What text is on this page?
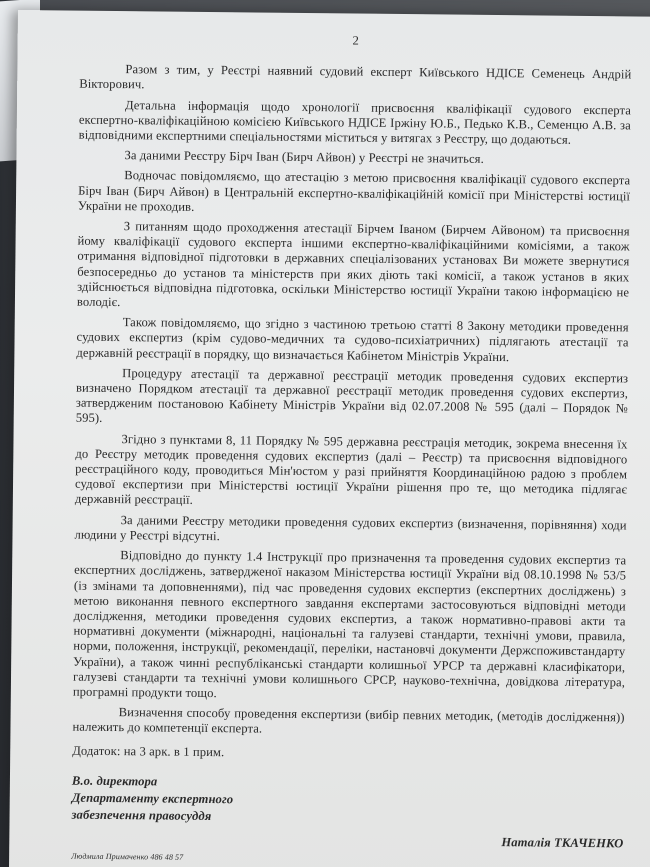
2

Разом з тим, у Реєстрі наявний судовий експерт Київського НДІСЕ Семенець Андрій Вікторович.

Детальна інформація щодо хронології присвоєння кваліфікації судового експерта експертно-кваліфікаційною комісією Київського НДІСЕ Іржіну Ю.Б., Педько К.В., Семенцю А.В. за відповідними експертними спеціальностями міститься у витягах з Реєстру, що додаються.

За даними Реєстру Бірч Іван (Бирч Айвон) у Реєстрі не значиться.

Водночас повідомляємо, що атестацію з метою присвоєння кваліфікації судового експерта Бірч Іван (Бирч Айвон) в Центральній експертно-кваліфікаційній комісії при Міністерстві юстиції України не проходив.

З питанням щодо проходження атестації Бірчем Іваном (Бирчем Айвоном) та присвоєння йому кваліфікації судового експерта іншими експертно-кваліфікаційними комісіями, а також отримання відповідної підготовки в державних спеціалізованих установах Ви можете звернутися безпосередньо до установ та міністерств при яких діють такі комісії, а також установ в яких здійснюється відповідна підготовка, оскільки Міністерство юстиції України такою інформацією не володіє.

Також повідомляємо, що згідно з частиною третьою статті 8 Закону методики проведення судових експертиз (крім судово-медичних та судово-психіатричних) підлягають атестації та державній реєстрації в порядку, що визначається Кабінетом Міністрів України.

Процедуру атестації та державної реєстрації методик проведення судових експертиз визначено Порядком атестації та державної реєстрації методик проведення судових експертиз, затвердженим постановою Кабінету Міністрів України від 02.07.2008 № 595 (далі – Порядок № 595).

Згідно з пунктами 8, 11 Порядку № 595 державна реєстрація методик, зокрема внесення їх до Реєстру методик проведення судових експертиз (далі – Реєстр) та присвоєння відповідного реєстраційного коду, проводиться Мін'юстом у разі прийняття Координаційною радою з проблем судової експертизи при Міністерстві юстиції України рішення про те, що методика підлягає державній реєстрації.

За даними Реєстру методики проведення судових експертиз (визначення, порівняння) ходи людини у Реєстрі відсутні.

Відповідно до пункту 1.4 Інструкції про призначення та проведення судових експертиз та експертних досліджень, затвердженої наказом Міністерства юстиції України від 08.10.1998 № 53/5 (із змінами та доповненнями), під час проведення судових експертиз (експертних досліджень) з метою виконання певного експертного завдання експертами застосовуються відповідні методи дослідження, методики проведення судових експертиз, а також нормативно-правові акти та нормативні документи (міжнародні, національні та галузеві стандарти, технічні умови, правила, норми, положення, інструкції, рекомендації, переліки, настановчі документи Держспоживстандарту України), а також чинні республіканські стандарти колишньої УРСР та державні класифікатори, галузеві стандарти та технічні умови колишнього СРСР, науково-технічна, довідкова література, програмні продукти тощо.

Визначення способу проведення експертизи (вибір певних методик, (методів дослідження)) належить до компетенції експерта.

Додаток: на 3 арк. в 1 прим.
В.о. директора
Департаменту експертного
забезпечення правосуддя
Наталія ТКАЧЕНКО
Людмила Примаченко 486 48 57
